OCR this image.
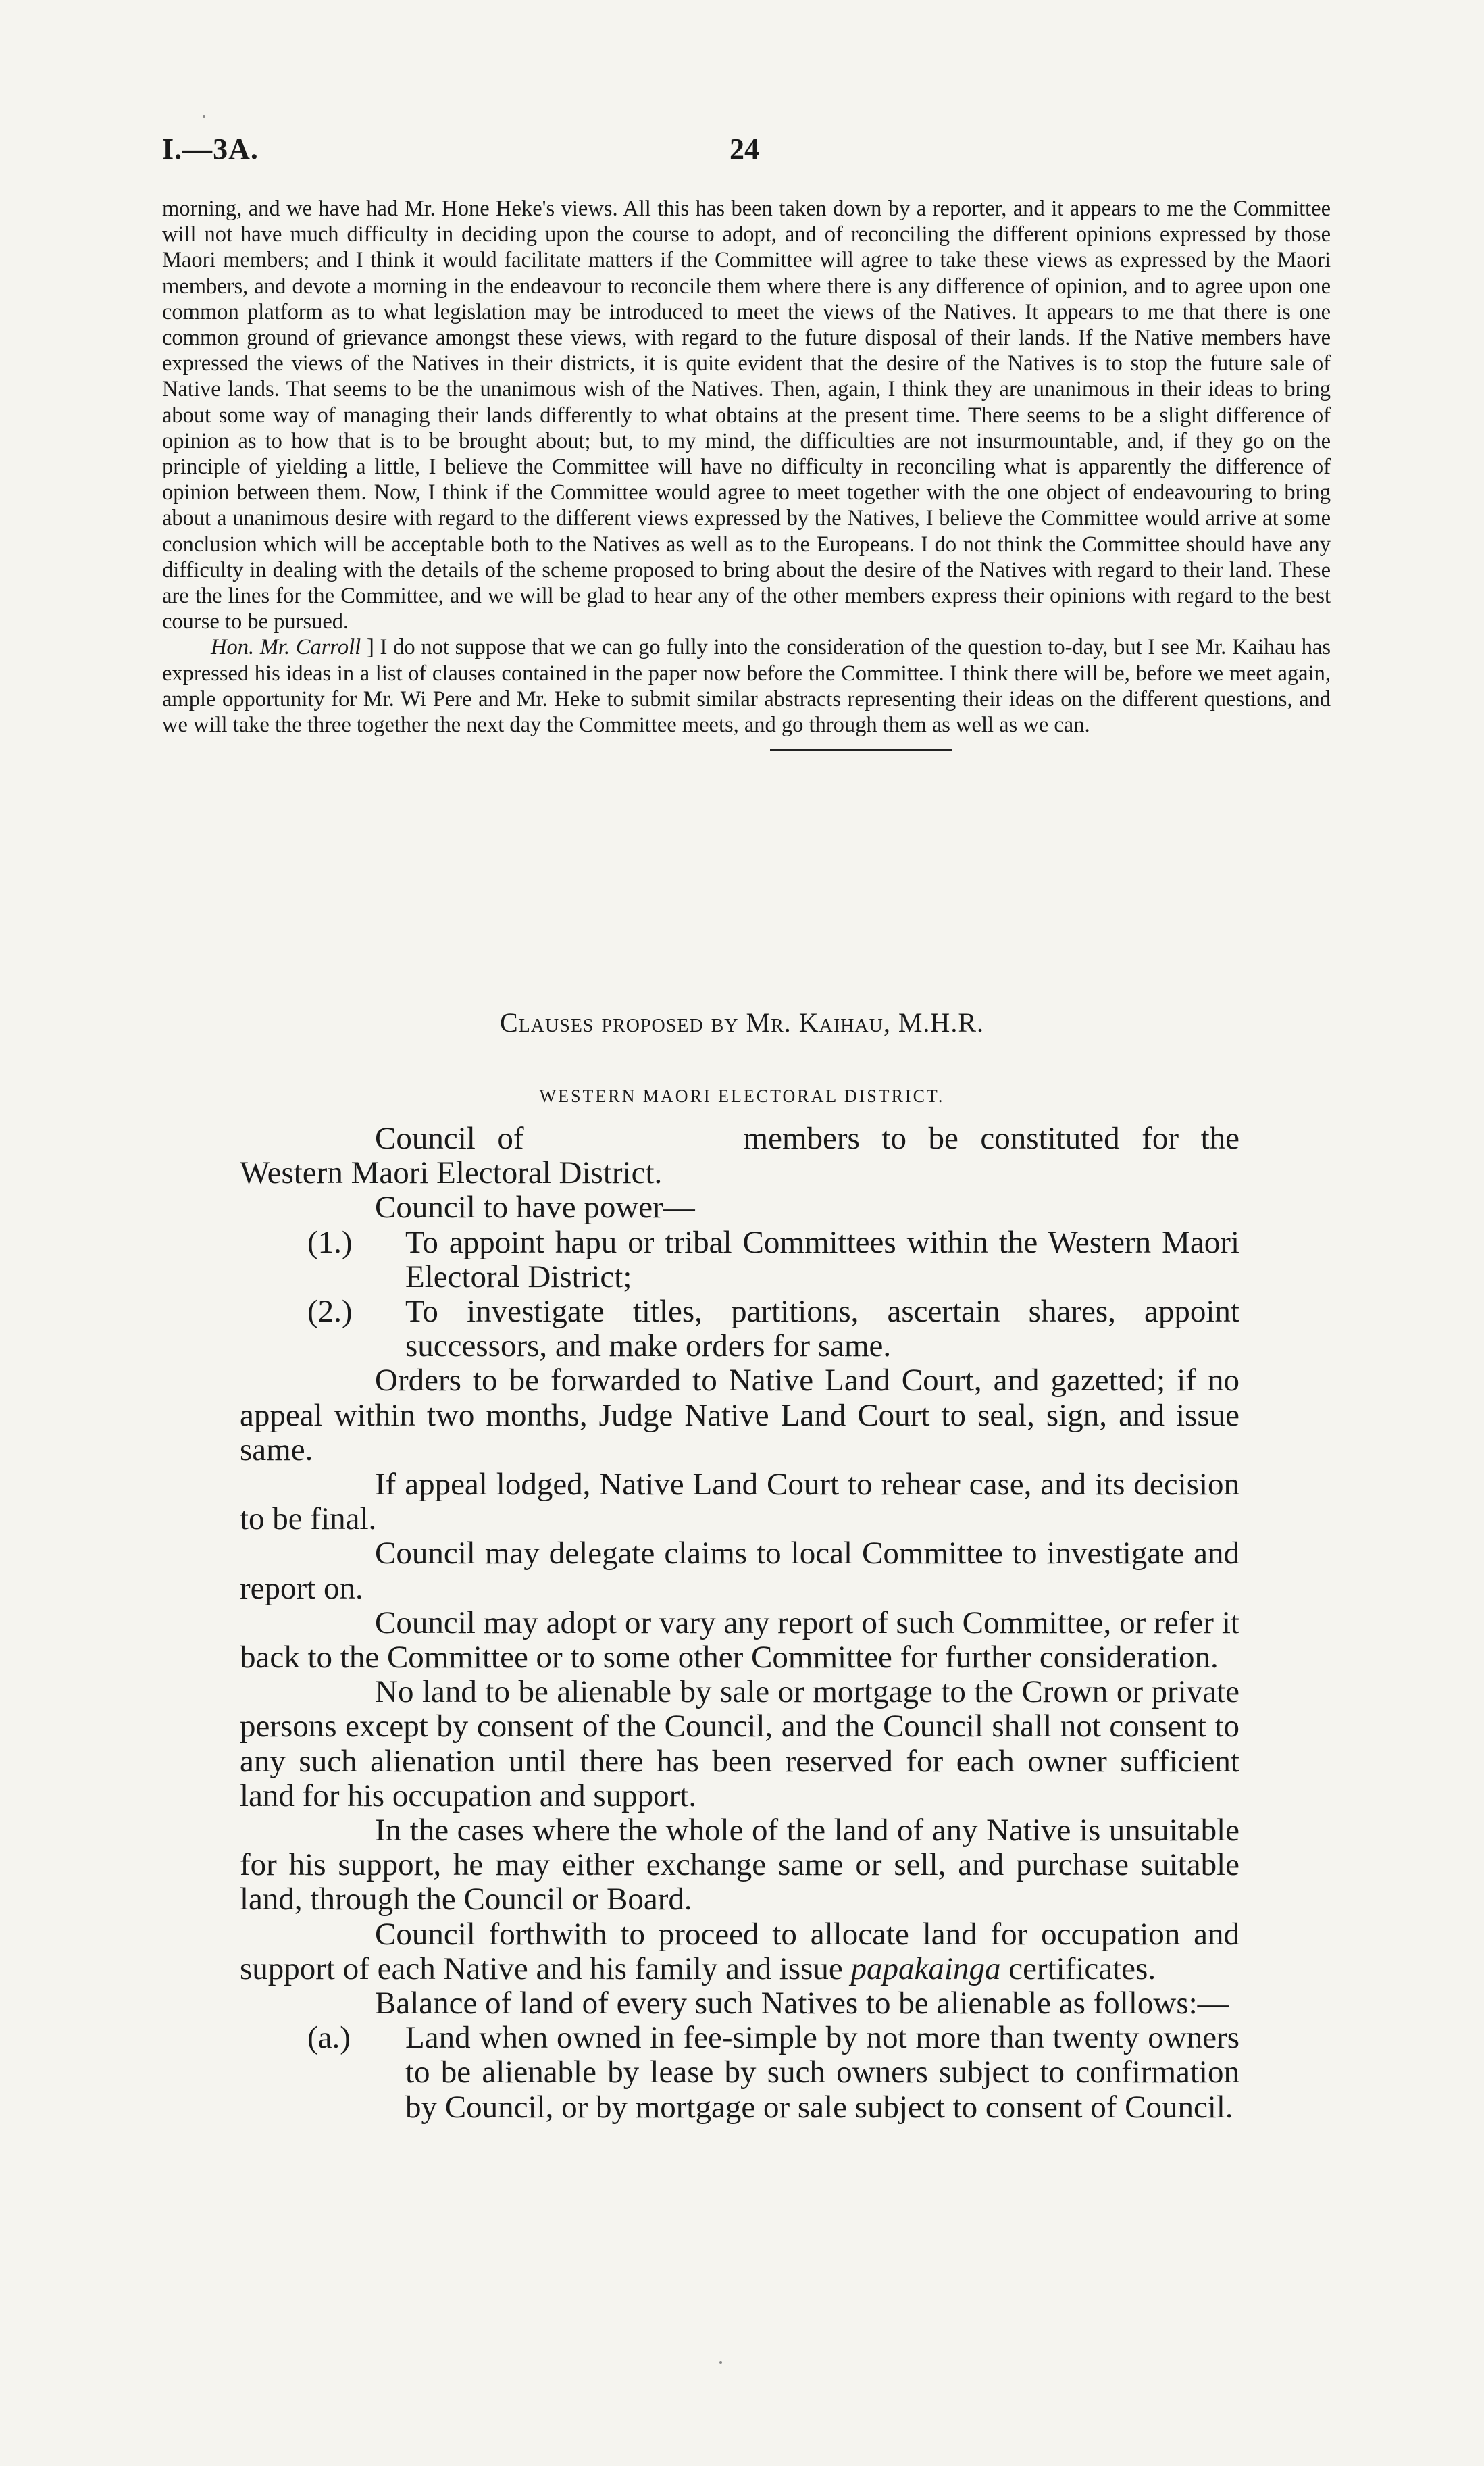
I.—3A.	24

morning, and we have had Mr. Hone Heke's views. All this has been taken down by a reporter, and it appears to me the Committee will not have much difficulty in deciding upon the course to adopt, and of reconciling the different opinions expressed by those Maori members; and I think it would facilitate matters if the Committee will agree to take these views as expressed by the Maori members, and devote a morning in the endeavour to reconcile them where there is any difference of opinion, and to agree upon one common platform as to what legislation may be introduced to meet the views of the Natives. It appears to me that there is one common ground of grievance amongst these views, with regard to the future disposal of their lands. If the Native members have expressed the views of the Natives in their districts, it is quite evident that the desire of the Natives is to stop the future sale of Native lands. That seems to be the unanimous wish of the Natives. Then, again, I think they are unanimous in their ideas to bring about some way of managing their lands differently to what obtains at the present time. There seems to be a slight difference of opinion as to how that is to be brought about; but, to my mind, the difficulties are not insurmountable, and, if they go on the principle of yielding a little, I believe the Committee will have no difficulty in reconciling what is apparently the difference of opinion between them. Now, I think if the Committee would agree to meet together with the one object of endeavouring to bring about a unanimous desire with regard to the different views expressed by the Natives, I believe the Committee would arrive at some conclusion which will be acceptable both to the Natives as well as to the Europeans. I do not think the Committee should have any difficulty in dealing with the details of the scheme proposed to bring about the desire of the Natives with regard to their land. These are the lines for the Committee, and we will be glad to hear any of the other members express their opinions with regard to the best course to be pursued.

Hon. Mr. Carroll ] I do not suppose that we can go fully into the consideration of the question to-day, but I see Mr. Kaihau has expressed his ideas in a list of clauses contained in the paper now before the Committee. I think there will be, before we meet again, ample opportunity for Mr. Wi Pere and Mr. Heke to submit similar abstracts representing their ideas on the different questions, and we will take the three together the next day the Committee meets, and go through them as well as we can.

Clauses proposed by Mr. Kaihau, M.H.R.
WESTERN MAORI ELECTORAL DISTRICT.

Council of	members to be constituted for the Western Maori Electoral District.

Council to have power—

(1.)	To appoint hapu or tribal Committees within the Western Maori Electoral District;
(2.)	To investigate titles, partitions, ascertain shares, appoint successors, and make orders for same.

Orders to be forwarded to Native Land Court, and gazetted; if no appeal within two months, Judge Native Land Court to seal, sign, and issue same.

If appeal lodged, Native Land Court to rehear case, and its decision to be final.

Council may delegate claims to local Committee to investigate and report on.

Council may adopt or vary any report of such Committee, or refer it back to the Committee or to some other Committee for further consideration.

No land to be alienable by sale or mortgage to the Crown or private persons except by consent of the Council, and the Council shall not consent to any such alienation until there has been reserved for each owner sufficient land for his occupation and support.

In the cases where the whole of the land of any Native is unsuitable for his support, he may either exchange same or sell, and purchase suitable land, through the Council or Board.

Council forthwith to proceed to allocate land for occupation and support of each Native and his family and issue papakainga certificates.

Balance of land of every such Natives to be alienable as follows:—

(a.)	Land when owned in fee-simple by not more than twenty owners to be alienable by lease by such owners subject to confirmation by Council, or by mortgage or sale subject to consent of Council.
